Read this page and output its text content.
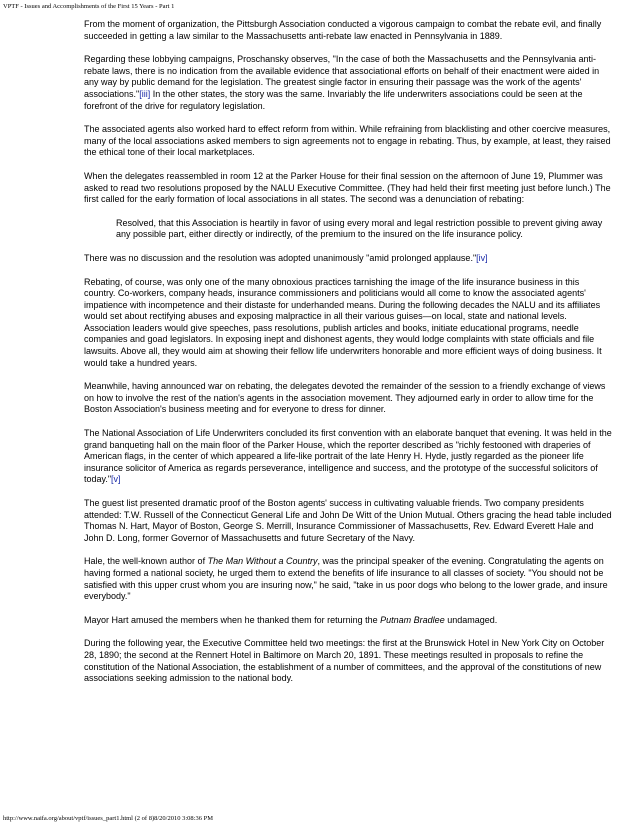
VPTF - Issues and Accomplishments of the First 15 Years - Part 1

From the moment of organization, the Pittsburgh Association conducted a vigorous campaign to combat the rebate evil, and finally succeeded in getting a law similar to the Massachusetts anti-rebate law enacted in Pennsylvania in 1889.

Regarding these lobbying campaigns, Proschansky observes, "In the case of both the Massachusetts and the Pennsylvania anti-rebate laws, there is no indication from the available evidence that associational efforts on behalf of their enactment were aided in any way by public demand for the legislation. The greatest single factor in ensuring their passage was the work of the agents' associations."[iii] In the other states, the story was the same. Invariably the life underwriters associations could be seen at the forefront of the drive for regulatory legislation.

The associated agents also worked hard to effect reform from within. While refraining from blacklisting and other coercive measures, many of the local associations asked members to sign agreements not to engage in rebating. Thus, by example, at least, they raised the ethical tone of their local marketplaces.

When the delegates reassembled in room 12 at the Parker House for their final session on the afternoon of June 19, Plummer was asked to read two resolutions proposed by the NALU Executive Committee. (They had held their first meeting just before lunch.) The first called for the early formation of local associations in all states. The second was a denunciation of rebating:

Resolved, that this Association is heartily in favor of using every moral and legal restriction possible to prevent giving away any possible part, either directly or indirectly, of the premium to the insured on the life insurance policy.

There was no discussion and the resolution was adopted unanimously "amid prolonged applause."[iv]

Rebating, of course, was only one of the many obnoxious practices tarnishing the image of the life insurance business in this country. Co-workers, company heads, insurance commissioners and politicians would all come to know the associated agents' impatience with incompetence and their distaste for underhanded means. During the following decades the NALU and its affiliates would set about rectifying abuses and exposing malpractice in all their various guises—on local, state and national levels. Association leaders would give speeches, pass resolutions, publish articles and books, initiate educational programs, needle companies and goad legislators. In exposing inept and dishonest agents, they would lodge complaints with state officials and file lawsuits. Above all, they would aim at showing their fellow life underwriters honorable and more efficient ways of doing business. It would take a hundred years.

Meanwhile, having announced war on rebating, the delegates devoted the remainder of the session to a friendly exchange of views on how to involve the rest of the nation's agents in the association movement. They adjourned early in order to allow time for the Boston Association's business meeting and for everyone to dress for dinner.

The National Association of Life Underwriters concluded its first convention with an elaborate banquet that evening. It was held in the grand banqueting hall on the main floor of the Parker House, which the reporter described as "richly festooned with draperies of American flags, in the center of which appeared a life-like portrait of the late Henry H. Hyde, justly regarded as the pioneer life insurance solicitor of America as regards perseverance, intelligence and success, and the prototype of the successful solicitors of today."[v]

The guest list presented dramatic proof of the Boston agents' success in cultivating valuable friends. Two company presidents attended: T.W. Russell of the Connecticut General Life and John De Witt of the Union Mutual. Others gracing the head table included Thomas N. Hart, Mayor of Boston, George S. Merrill, Insurance Commissioner of Massachusetts, Rev. Edward Everett Hale and John D. Long, former Governor of Massachusetts and future Secretary of the Navy.

Hale, the well-known author of The Man Without a Country, was the principal speaker of the evening. Congratulating the agents on having formed a national society, he urged them to extend the benefits of life insurance to all classes of society. "You should not be satisfied with this upper crust whom you are insuring now," he said, "take in us poor dogs who belong to the lower grade, and insure everybody."

Mayor Hart amused the members when he thanked them for returning the Putnam Bradlee undamaged.

During the following year, the Executive Committee held two meetings: the first at the Brunswick Hotel in New York City on October 28, 1890; the second at the Rennert Hotel in Baltimore on March 20, 1891. These meetings resulted in proposals to refine the constitution of the National Association, the establishment of a number of committees, and the approval of the constitutions of new associations seeking admission to the national body.

http://www.naifa.org/about/vptf/issues_part1.html (2 of 8)8/20/2010 3:08:36 PM
